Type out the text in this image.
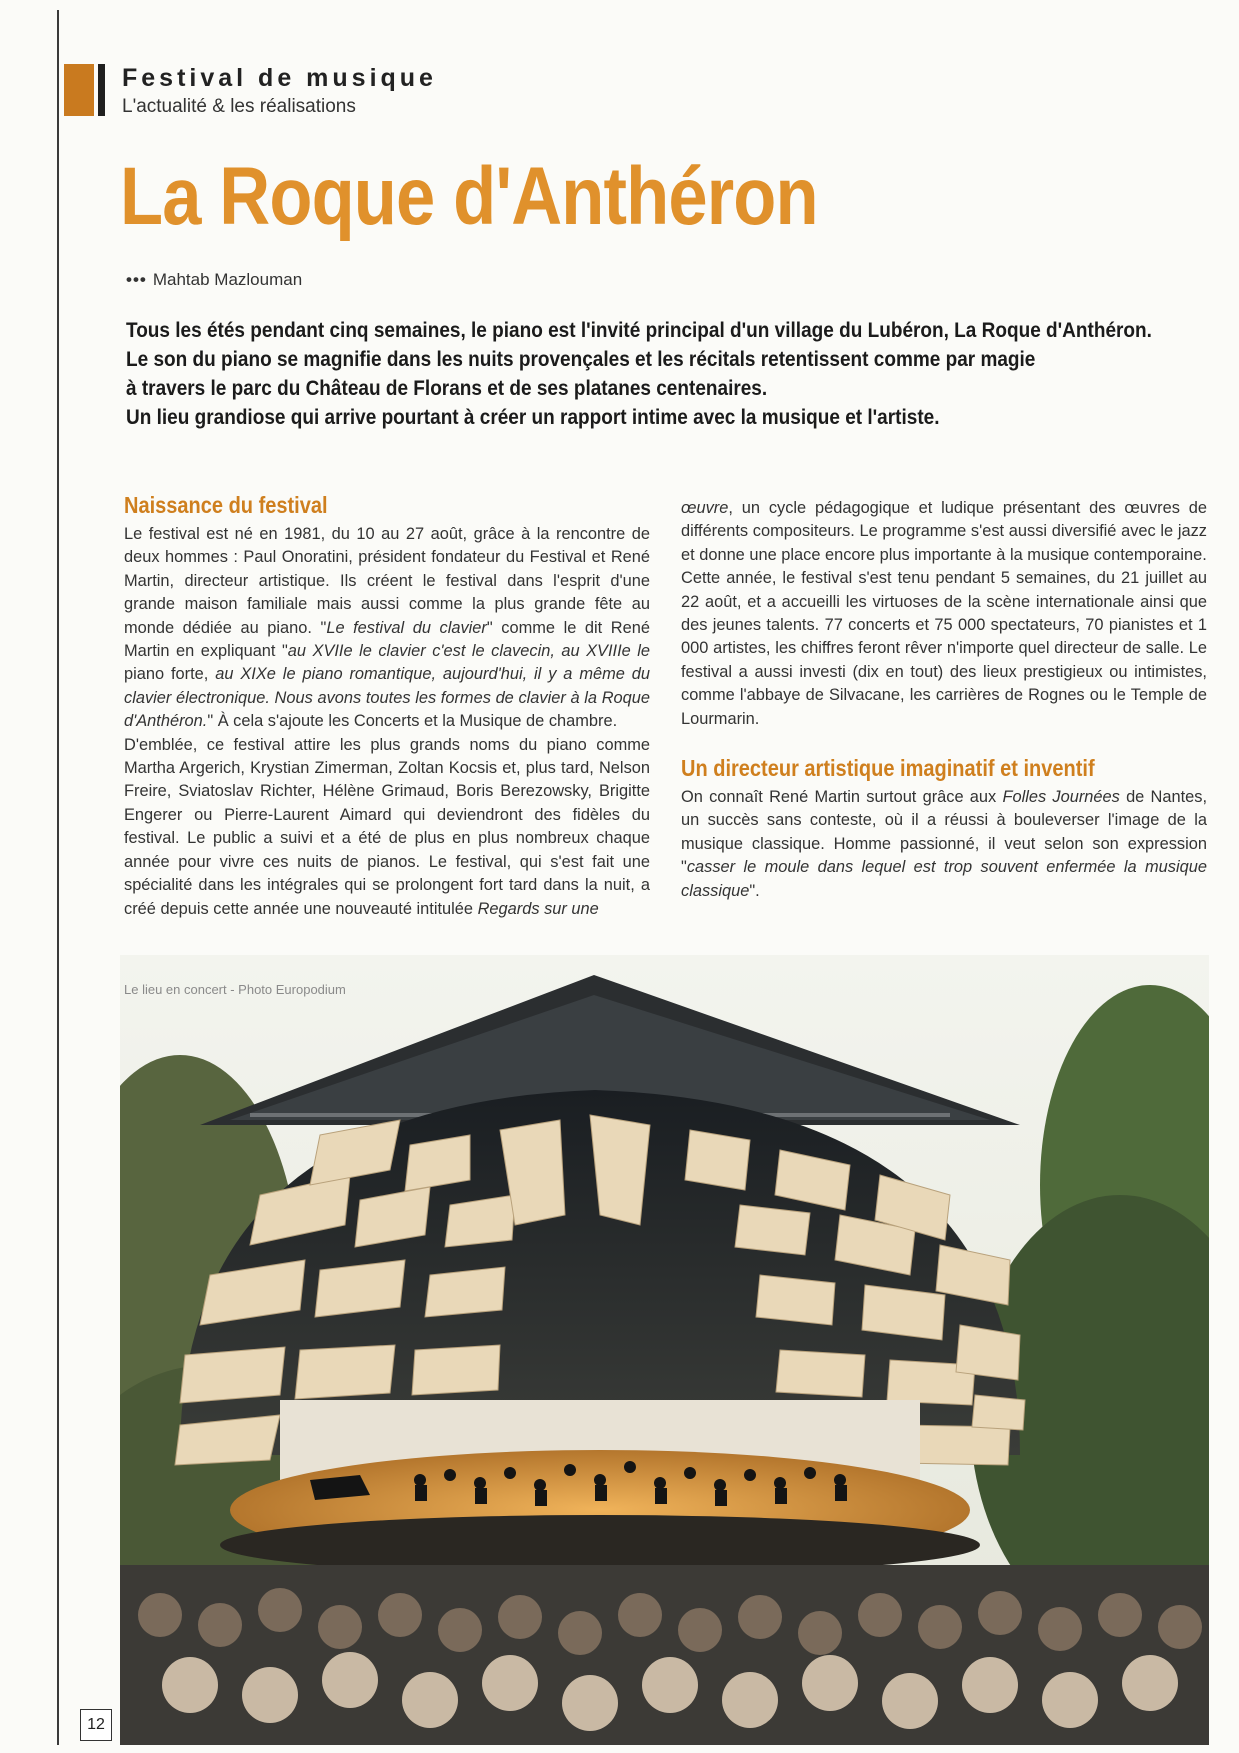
Festival de musique
L'actualité & les réalisations
La Roque d'Anthéron
••• Mahtab Mazlouman

Tous les étés pendant cinq semaines, le piano est l'invité principal d'un village du Lubéron, La Roque d'Anthéron.

Le son du piano se magnifie dans les nuits provençales et les récitals retentissent comme par magie

à travers le parc du Château de Florans et de ses platanes centenaires.

Un lieu grandiose qui arrive pourtant à créer un rapport intime avec la musique et l'artiste.

Naissance du festival

Le festival est né en 1981, du 10 au 27 août, grâce à la rencontre de deux hommes : Paul Onoratini, président fondateur du Festival et René Martin, directeur artistique. Ils créent le festival dans l'esprit d'une grande maison familiale mais aussi comme la plus grande fête au monde dédiée au piano. "Le festival du clavier" comme le dit René Martin en expliquant "au XVIIe le clavier c'est le clavecin, au XVIIIe le piano forte, au XIXe le piano romantique, aujourd'hui, il y a même du clavier électronique. Nous avons toutes les formes de clavier à la Roque d'Anthéron." À cela s'ajoute les Concerts et la Musique de chambre.

D'emblée, ce festival attire les plus grands noms du piano comme Martha Argerich, Krystian Zimerman, Zoltan Kocsis et, plus tard, Nelson Freire, Sviatoslav Richter, Hélène Grimaud, Boris Berezowsky, Brigitte Engerer ou Pierre-Laurent Aimard qui deviendront des fidèles du festival. Le public a suivi et a été de plus en plus nombreux chaque année pour vivre ces nuits de pianos. Le festival, qui s'est fait une spécialité dans les intégrales qui se prolongent fort tard dans la nuit, a créé depuis cette année une nouveauté intitulée Regards sur une

œuvre, un cycle pédagogique et ludique présentant des œuvres de différents compositeurs. Le programme s'est aussi diversifié avec le jazz et donne une place encore plus importante à la musique contemporaine.

Cette année, le festival s'est tenu pendant 5 semaines, du 21 juillet au 22 août, et a accueilli les virtuoses de la scène internationale ainsi que des jeunes talents. 77 concerts et 75 000 spectateurs, 70 pianistes et 1 000 artistes, les chiffres feront rêver n'importe quel directeur de salle. Le festival a aussi investi (dix en tout) des lieux prestigieux ou intimistes, comme l'abbaye de Silvacane, les carrières de Rognes ou le Temple de Lourmarin.

Un directeur artistique imaginatif et inventif

On connaît René Martin surtout grâce aux Folles Journées de Nantes, un succès sans conteste, où il a réussi à bouleverser l'image de la musique classique. Homme passionné, il veut selon son expression "casser le moule dans lequel est trop souvent enfermée la musique classique".

Le lieu en concert - Photo Europodium
12
